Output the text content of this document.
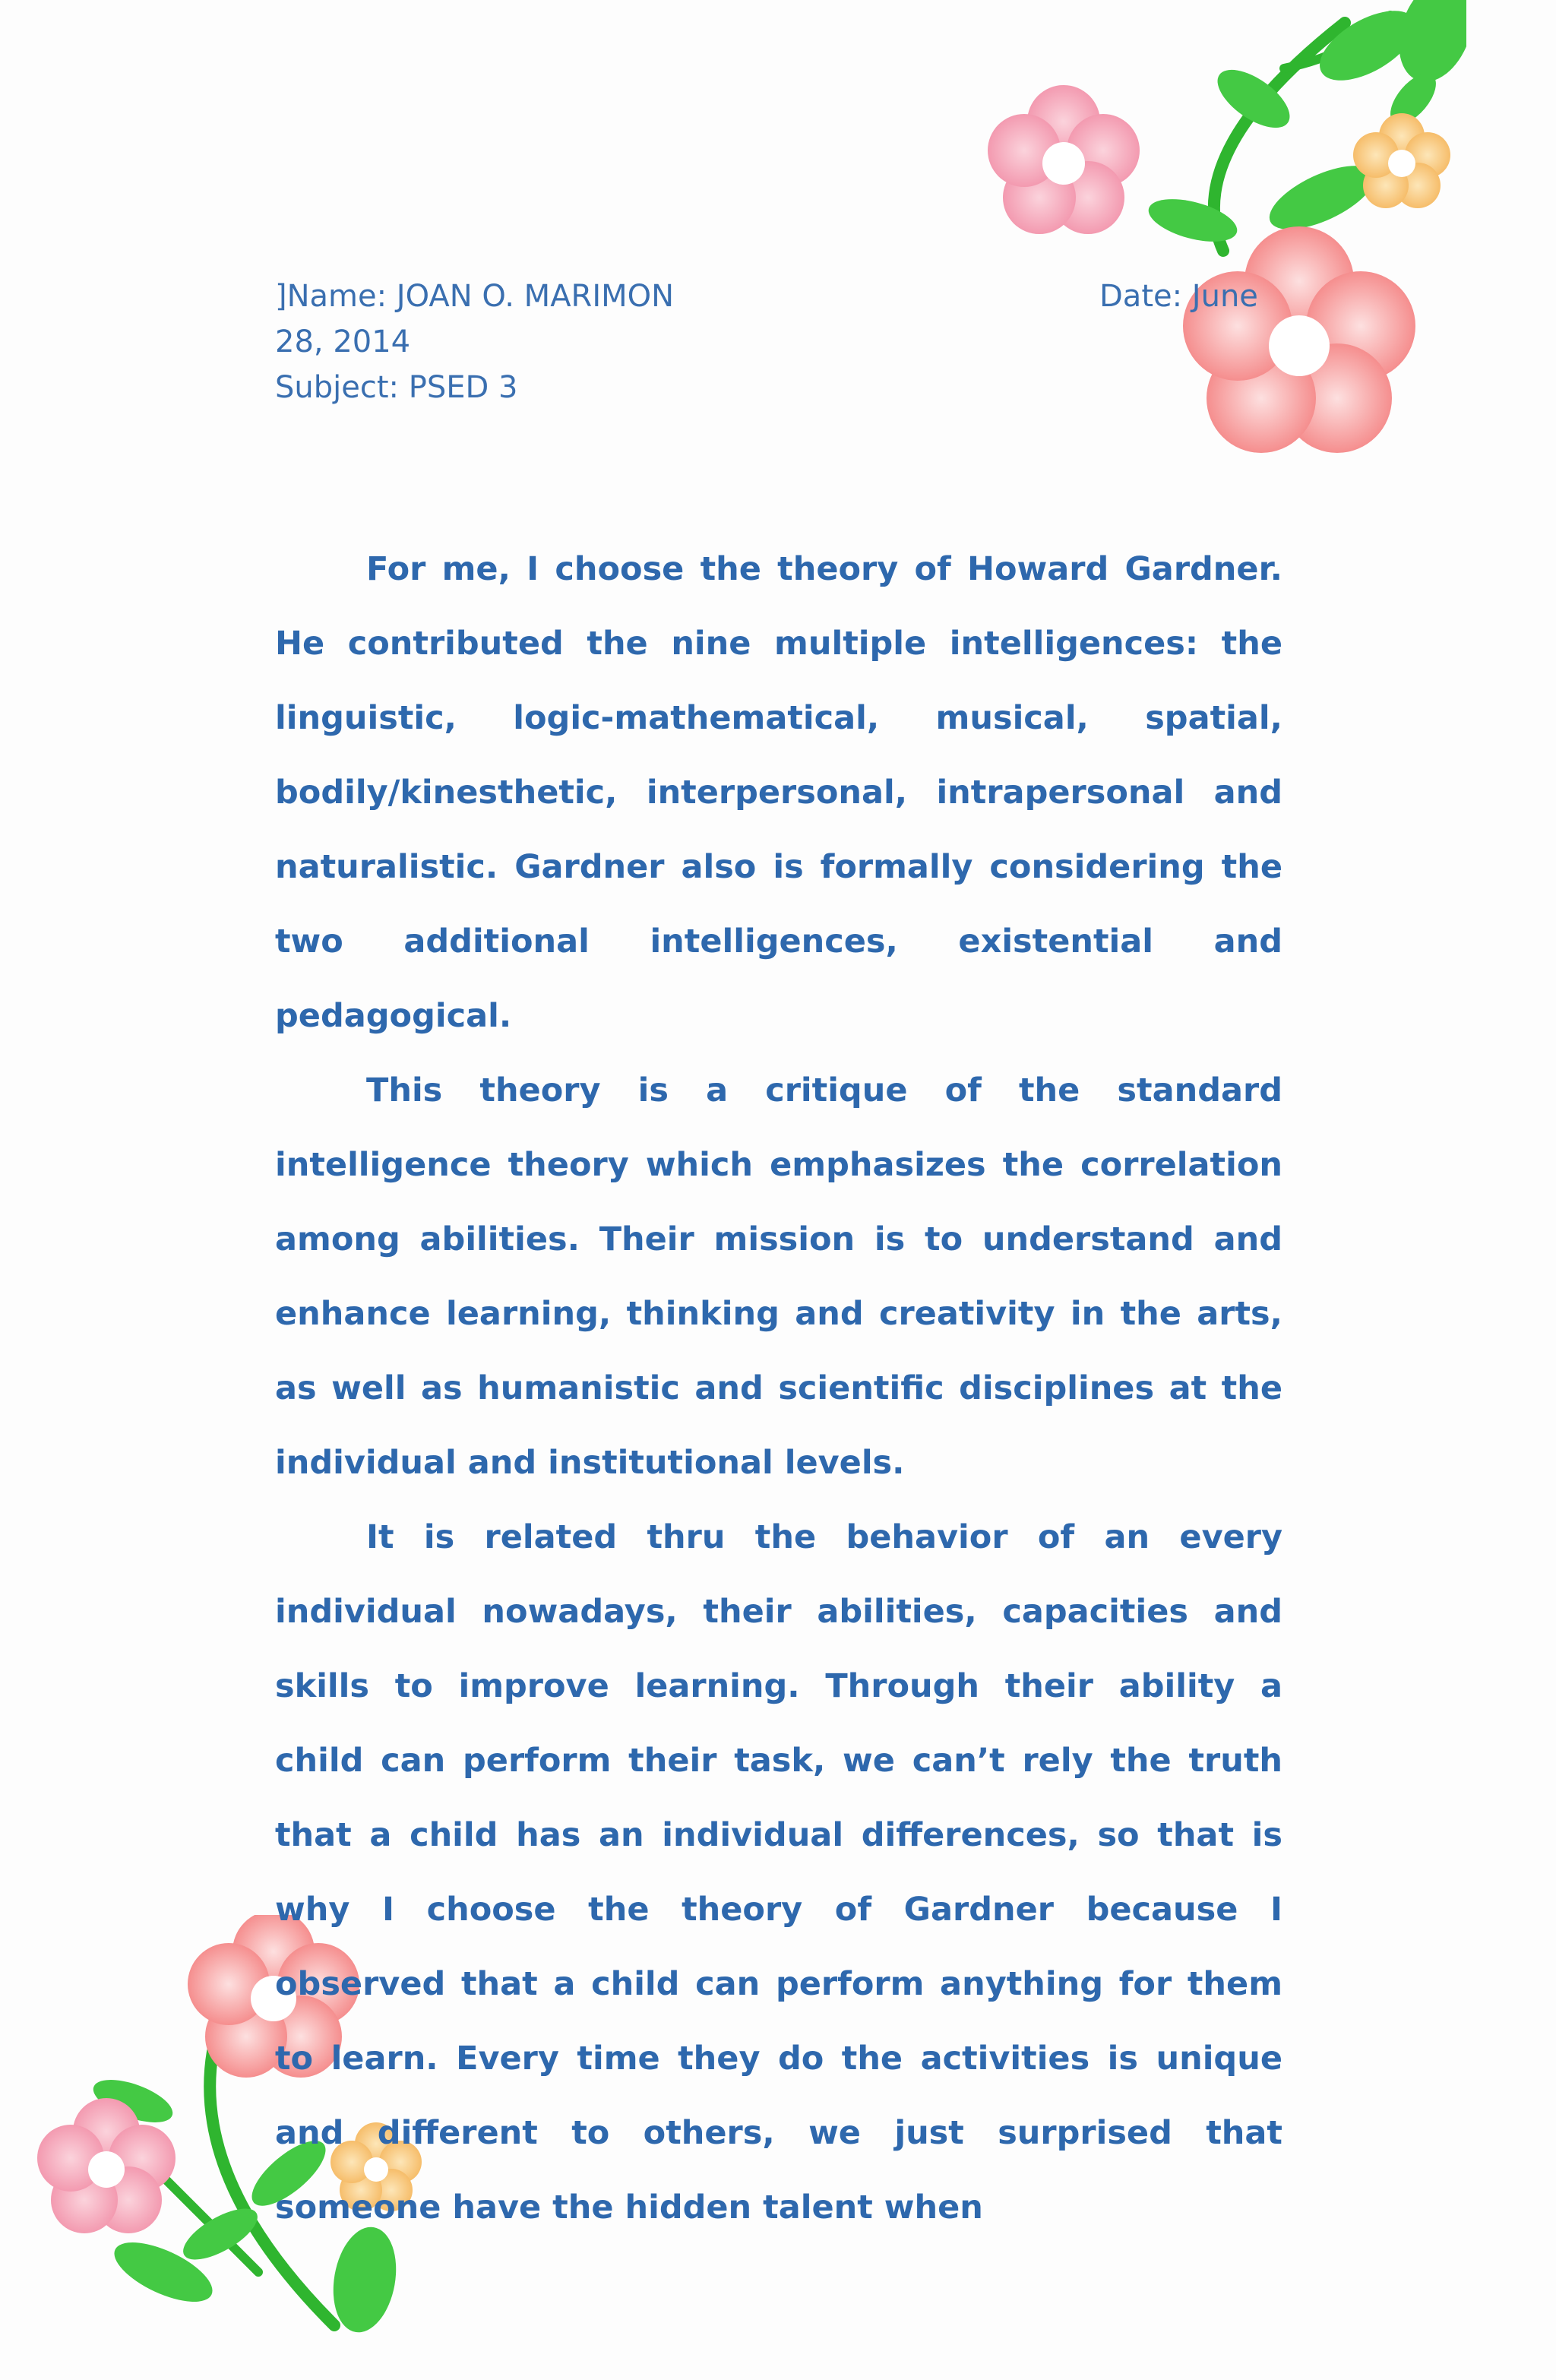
]Name: JOAN O. MARIMON	Date: June
28, 2014
Subject: PSED 3

For me, I choose the theory of Howard Gardner. He contributed the nine multiple intelligences: the linguistic, logic-mathematical, musical, spatial, bodily/kinesthetic, interpersonal, intrapersonal and naturalistic. Gardner also is formally considering the two additional intelligences, existential and pedagogical.

This theory is a critique of the standard intelligence theory which emphasizes the correlation among abilities. Their mission is to understand and enhance learning, thinking and creativity in the arts, as well as humanistic and scientific disciplines at the individual and institutional levels.

It is related thru the behavior of an every individual nowadays, their abilities, capacities and skills to improve learning. Through their ability a child can perform their task, we can’t rely the truth that a child has an individual differences, so that is why I choose the theory of Gardner because I observed that a child can perform anything for them to learn. Every time they do the activities is unique and different to others, we just surprised that someone have the hidden talent when
